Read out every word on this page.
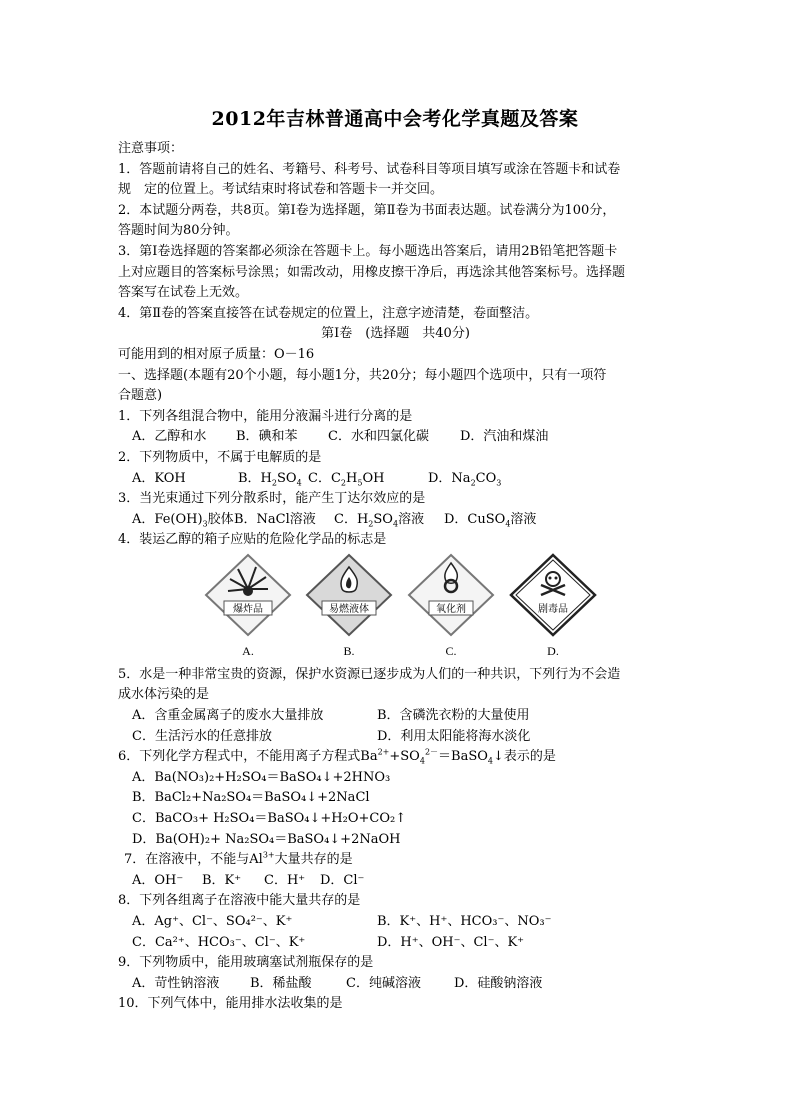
2012年吉林普通高中会考化学真题及答案
注意事项：
1．答题前请将自己的姓名、考籍号、科考号、试卷科目等项目填写或涂在答题卡和试卷
规　定的位置上。考试结束时将试卷和答题卡一并交回。
2．本试题分两卷，共8页。第Ⅰ卷为选择题，第Ⅱ卷为书面表达题。试卷满分为100分，
答题时间为80分钟。
3．第Ⅰ卷选择题的答案都必须涂在答题卡上。每小题选出答案后，请用2B铅笔把答题卡
上对应题目的答案标号涂黑；如需改动，用橡皮擦干净后，再选涂其他答案标号。选择题
答案写在试卷上无效。
4．第Ⅱ卷的答案直接答在试卷规定的位置上，注意字迹清楚，卷面整洁。
第Ⅰ卷　(选择题　共40分)
可能用到的相对原子质量：O－16
一、选择题(本题有20个小题，每小题1分，共20分；每小题四个选项中，只有一项符
合题意)
1．下列各组混合物中，能用分液漏斗进行分离的是
A．乙醇和水 B．碘和苯 C．水和四氯化碳 D．汽油和煤油
2．下列物质中，不属于电解质的是
A．KOH	B．$H_2SO_4$ C．$C_2H_5OH$	D．$Na_2CO_3$
3．当光束通过下列分散系时，能产生丁达尔效应的是
A．$Fe(OH)_3$胶体B．NaCl溶液 C．$H_2SO_4$溶液 D．CuSO$_4$溶液
4．装运乙醇的箱子应贴的危险化学品的标志是
爆炸品
A.
易燃液体
B.
氧化剂
C.
剧毒品
D.
5．水是一种非常宝贵的资源，保护水资源已逐步成为人们的一种共识，下列行为不会造
成水体污染的是
A．含重金属离子的废水大量排放	B．含磷洗衣粉的大量使用
C．生活污水的任意排放	D．利用太阳能将海水淡化
6．下列化学方程式中，不能用离子方程式$Ba^{2+}+SO_4^{2-}=BaSO_4↓$表示的是
A．Ba(NO₃)₂+H₂SO₄＝BaSO₄↓+2HNO₃
B．BaCl₂+Na₂SO₄＝BaSO₄↓+2NaCl
C．BaCO₃+ H₂SO₄＝BaSO₄↓+H₂O+CO₂↑
D．Ba(OH)₂+ Na₂SO₄＝BaSO₄↓+2NaOH
7．在溶液中，不能与$Al^{3+}$大量共存的是
A．OH⁻ B．K⁺ C．H⁺ D．Cl⁻
8．下列各组离子在溶液中能大量共存的是
A．Ag⁺、Cl⁻、SO₄²⁻、K⁺	B．K⁺、H⁺、HCO₃⁻、NO₃⁻
C．Ca²⁺、HCO₃⁻、Cl⁻、K⁺	D．H⁺、OH⁻、Cl⁻、K⁺
9．下列物质中，能用玻璃塞试剂瓶保存的是
A．苛性钠溶液 B．稀盐酸	C．纯碱溶液	D．硅酸钠溶液
10．下列气体中，能用排水法收集的是
